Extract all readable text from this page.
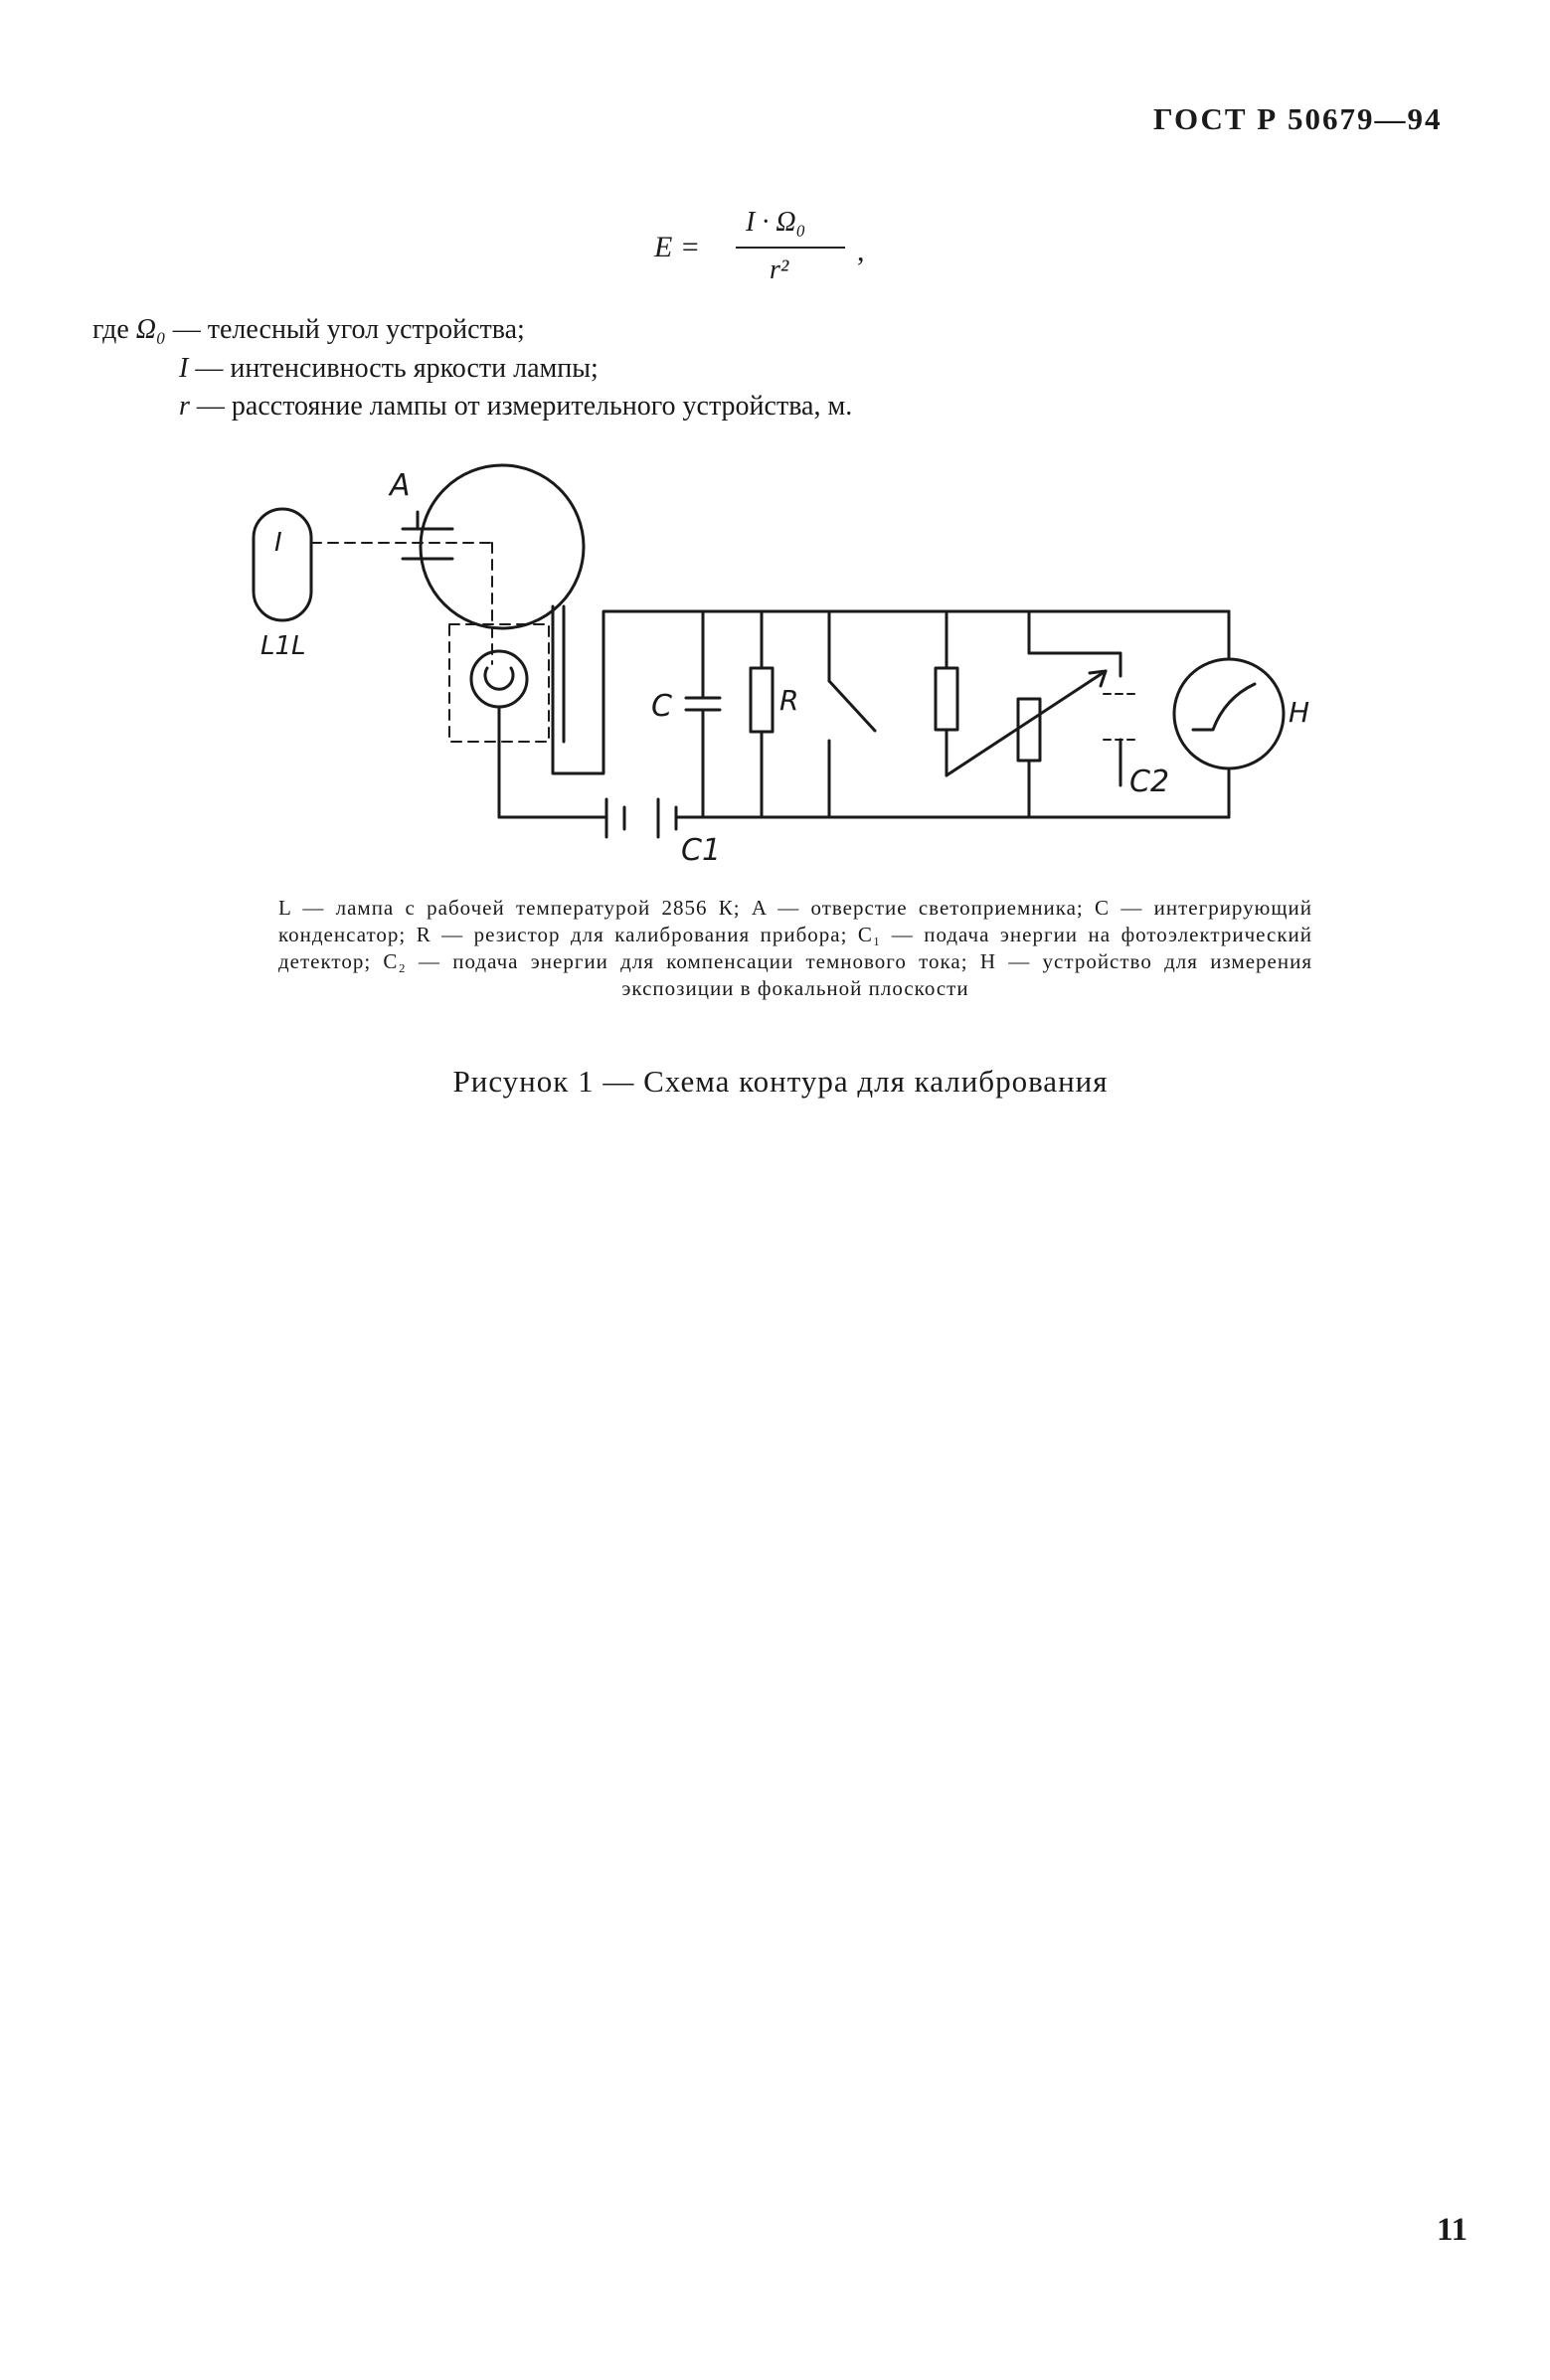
ГОСТ Р 50679—94
E =
I · Ω₀
r²
,
где Ω₀ — телесный угол устройства;
I — интенсивность яркости лампы;
r — расстояние лампы от измерительного устройства, м.
I
L1L
A
C1
C	R
C2
H
L — лампа с рабочей температурой 2856 К; A — отверстие светоприемника; C — интегрирующий конденсатор; R — резистор для калибрования прибора; C₁ — подача энергии на фотоэлектрический детектор; C₂ — подача энергии для компенсации темнового тока; H — устройство для измерения экспозиции в фокальной плоскости
Рисунок 1 — Схема контура для калибрования
11
